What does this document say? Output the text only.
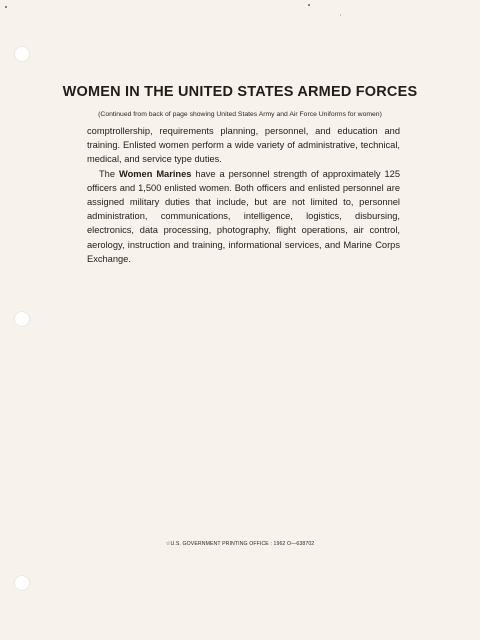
WOMEN IN THE UNITED STATES ARMED FORCES
(Continued from back of page showing United States Army and Air Force Uniforms for women)

comptrollership, requirements planning, personnel, and education and training. Enlisted women perform a wide variety of administrative, technical, medical, and service type duties.

The Women Marines have a personnel strength of approximately 125 officers and 1,500 enlisted women. Both officers and enlisted personnel are assigned military duties that include, but are not limited to, personnel administration, communications, intelligence, logistics, disbursing, electronics, data processing, photography, flight operations, air control, aerology, instruction and training, informational services, and Marine Corps Exchange.

☆U.S. GOVERNMENT PRINTING OFFICE : 1962 O—638702
